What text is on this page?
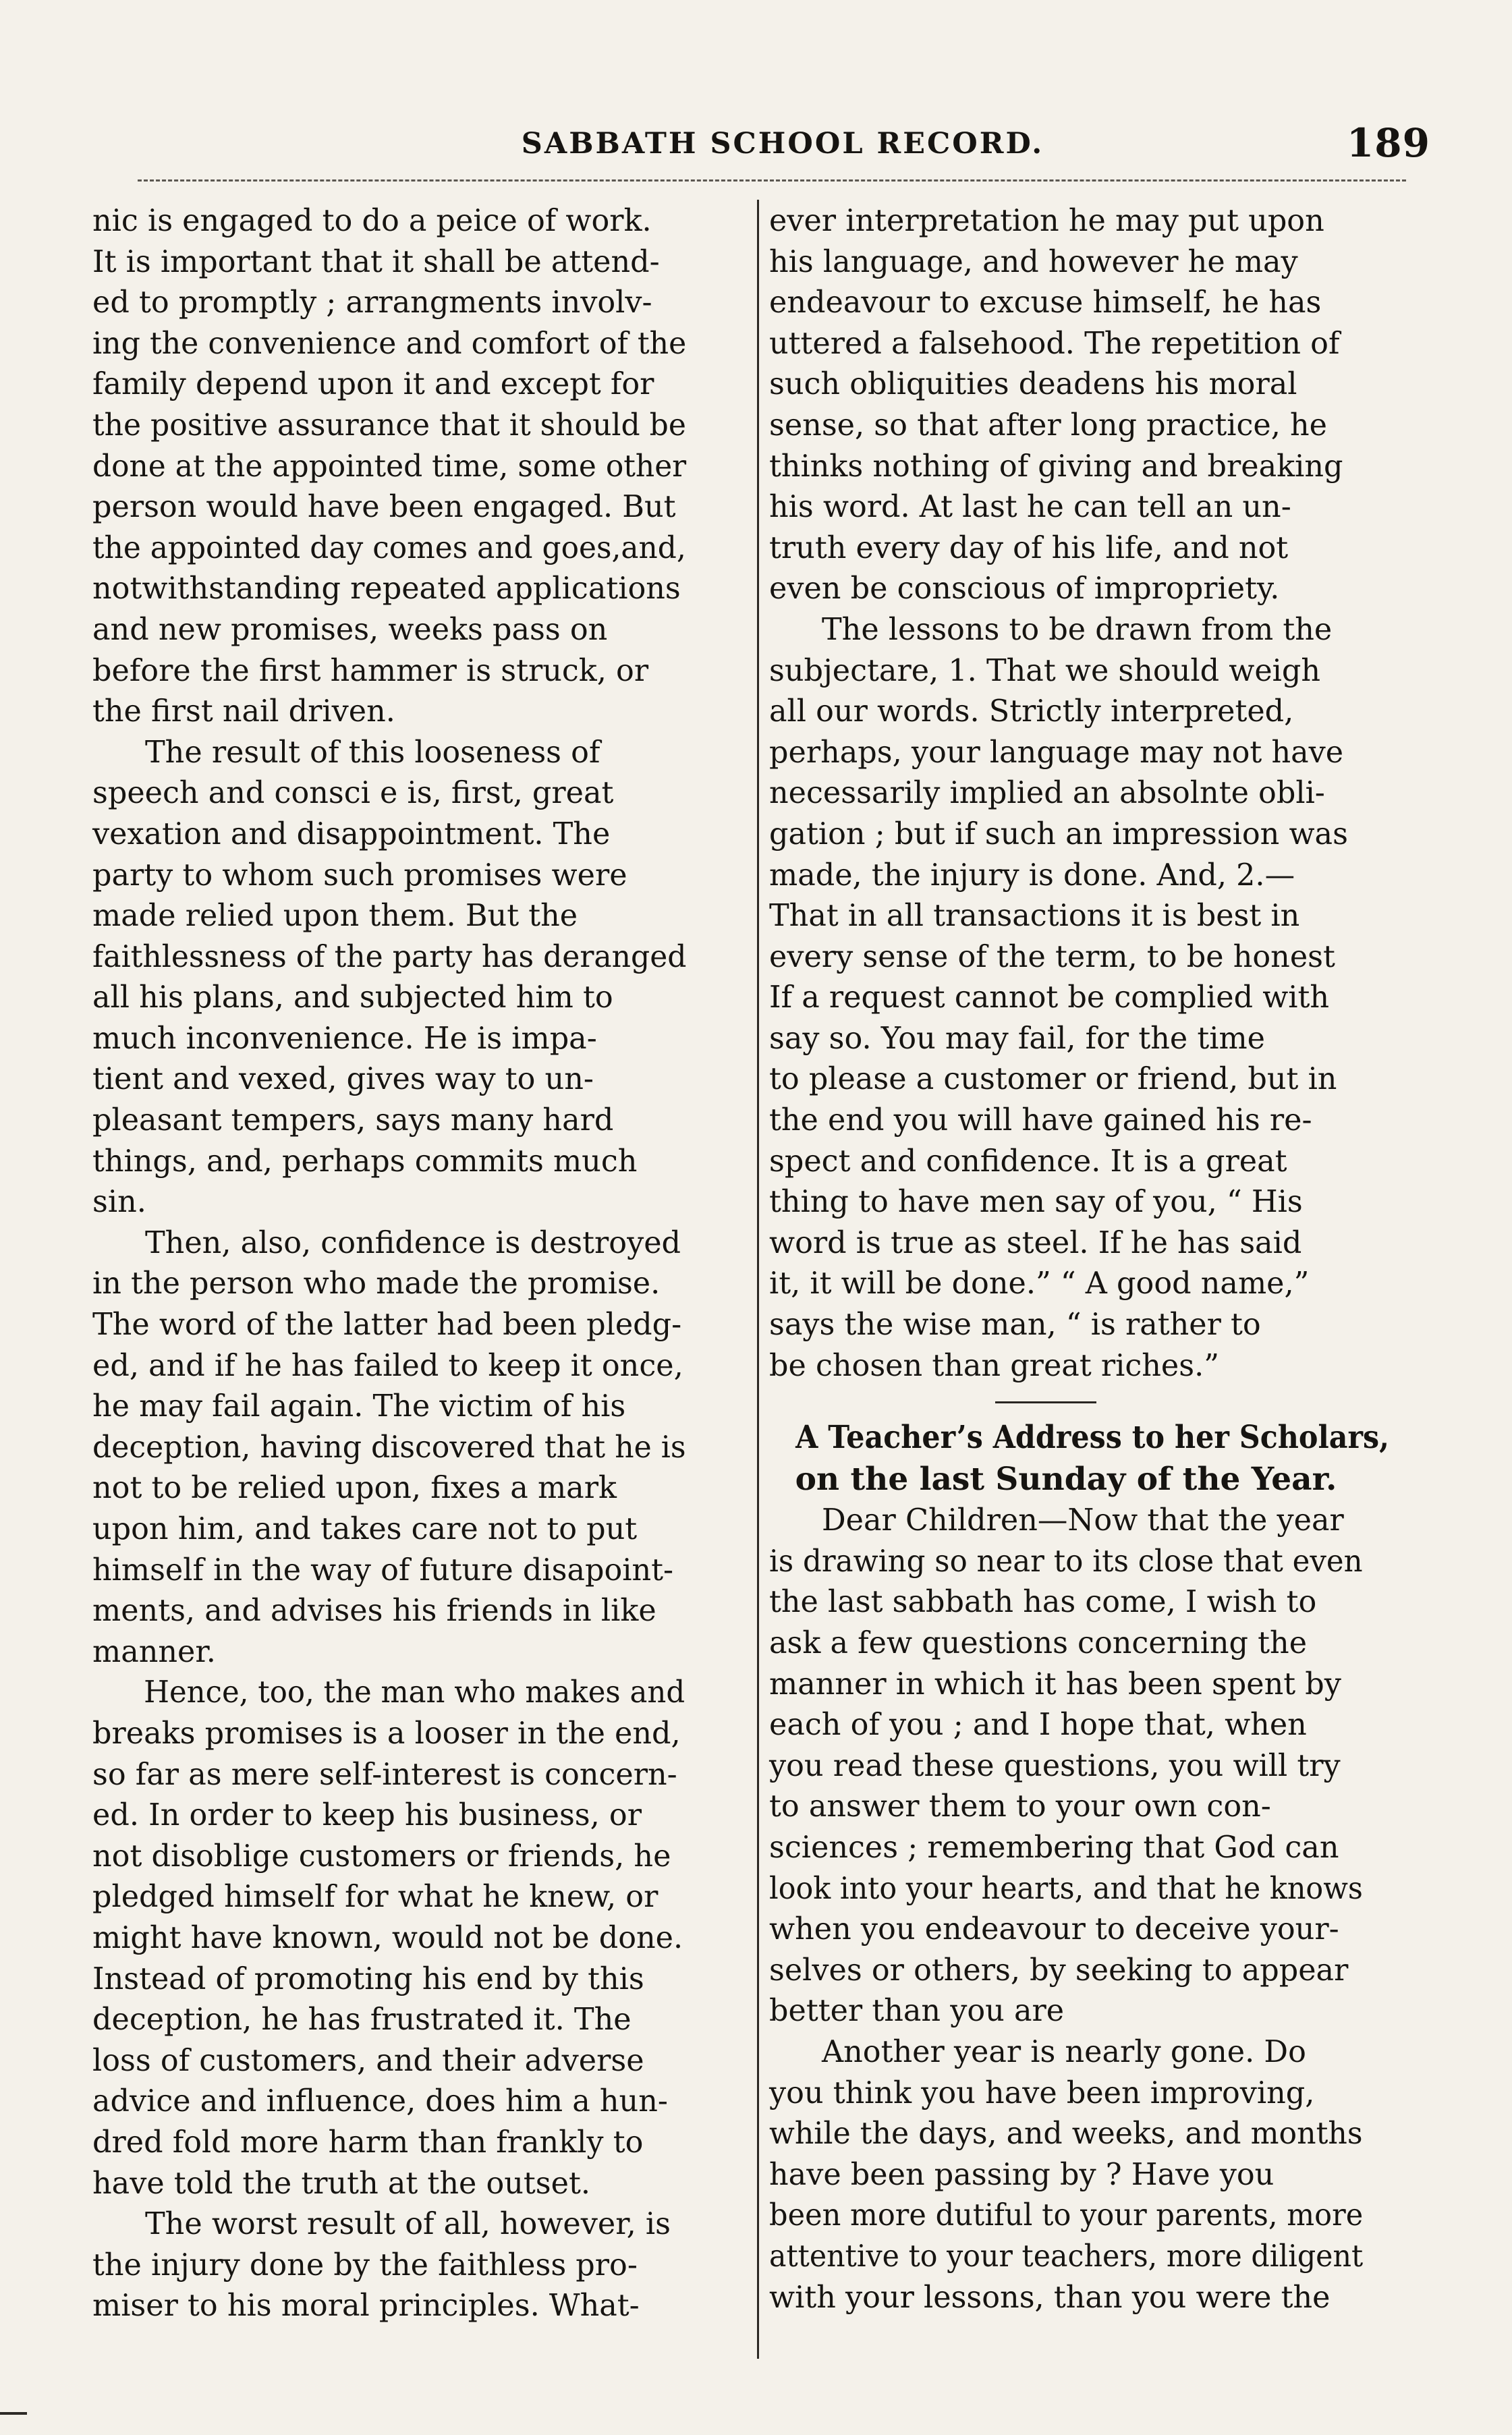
SABBATH SCHOOL RECORD.	189
nic is engaged to do a peice of work.
It is important that it shall be attend-
ed to promptly ; arrangments involv-
ing the convenience and comfort of the
family depend upon it and except for
the positive assurance that it should be
done at the appointed time, some other
person would have been engaged. But
the appointed day comes and goes,and,
notwithstanding repeated applications
and new promises, weeks pass on
before the first hammer is struck, or
the first nail driven.
The result of this looseness of
speech and consci e is, first, great
vexation and disappointment. The
party to whom such promises were
made relied upon them. But the
faithlessness of the party has deranged
all his plans, and subjected him to
much inconvenience. He is impa-
tient and vexed, gives way to un-
pleasant tempers, says many hard
things, and, perhaps commits much
sin.
Then, also, confidence is destroyed
in the person who made the promise.
The word of the latter had been pledg-
ed, and if he has failed to keep it once,
he may fail again. The victim of his
deception, having discovered that he is
not to be relied upon, fixes a mark
upon him, and takes care not to put
himself in the way of future disapoint-
ments, and advises his friends in like
manner.
Hence, too, the man who makes and
breaks promises is a looser in the end,
so far as mere self-interest is concern-
ed. In order to keep his business, or
not disoblige customers or friends, he
pledged himself for what he knew, or
might have known, would not be done.
Instead of promoting his end by this
deception, he has frustrated it. The
loss of customers, and their adverse
advice and influence, does him a hun-
dred fold more harm than frankly to
have told the truth at the outset.
The worst result of all, however, is
the injury done by the faithless pro-
miser to his moral principles. What-
ever interpretation he may put upon
his language, and however he may
endeavour to excuse himself, he has
uttered a falsehood. The repetition of
such obliquities deadens his moral
sense, so that after long practice, he
thinks nothing of giving and breaking
his word. At last he can tell an un-
truth every day of his life, and not
even be conscious of impropriety.
The lessons to be drawn from the
subjectare, 1. That we should weigh
all our words. Strictly interpreted,
perhaps, your language may not have
necessarily implied an absolnte obli-
gation ; but if such an impression was
made, the injury is done. And, 2.—
That in all transactions it is best in
every sense of the term, to be honest
If a request cannot be complied with
say so. You may fail, for the time
to please a customer or friend, but in
the end you will have gained his re-
spect and confidence. It is a great
thing to have men say of you, “ His
word is true as steel. If he has said
it, it will be done.” “ A good name,”
says the wise man, “ is rather to
be chosen than great riches.”
A Teacher’s Address to her Scholars,
on the last Sunday of the Year.
Dear Children—Now that the year
is drawing so near to its close that even
the last sabbath has come, I wish to
ask a few questions concerning the
manner in which it has been spent by
each of you ; and I hope that, when
you read these questions, you will try
to answer them to your own con-
sciences ; remembering that God can
look into your hearts, and that he knows
when you endeavour to deceive your-
selves or others, by seeking to appear
better than you are
Another year is nearly gone. Do
you think you have been improving,
while the days, and weeks, and months
have been passing by ? Have you
been more dutiful to your parents, more
attentive to your teachers, more diligent
with your lessons, than you were the
